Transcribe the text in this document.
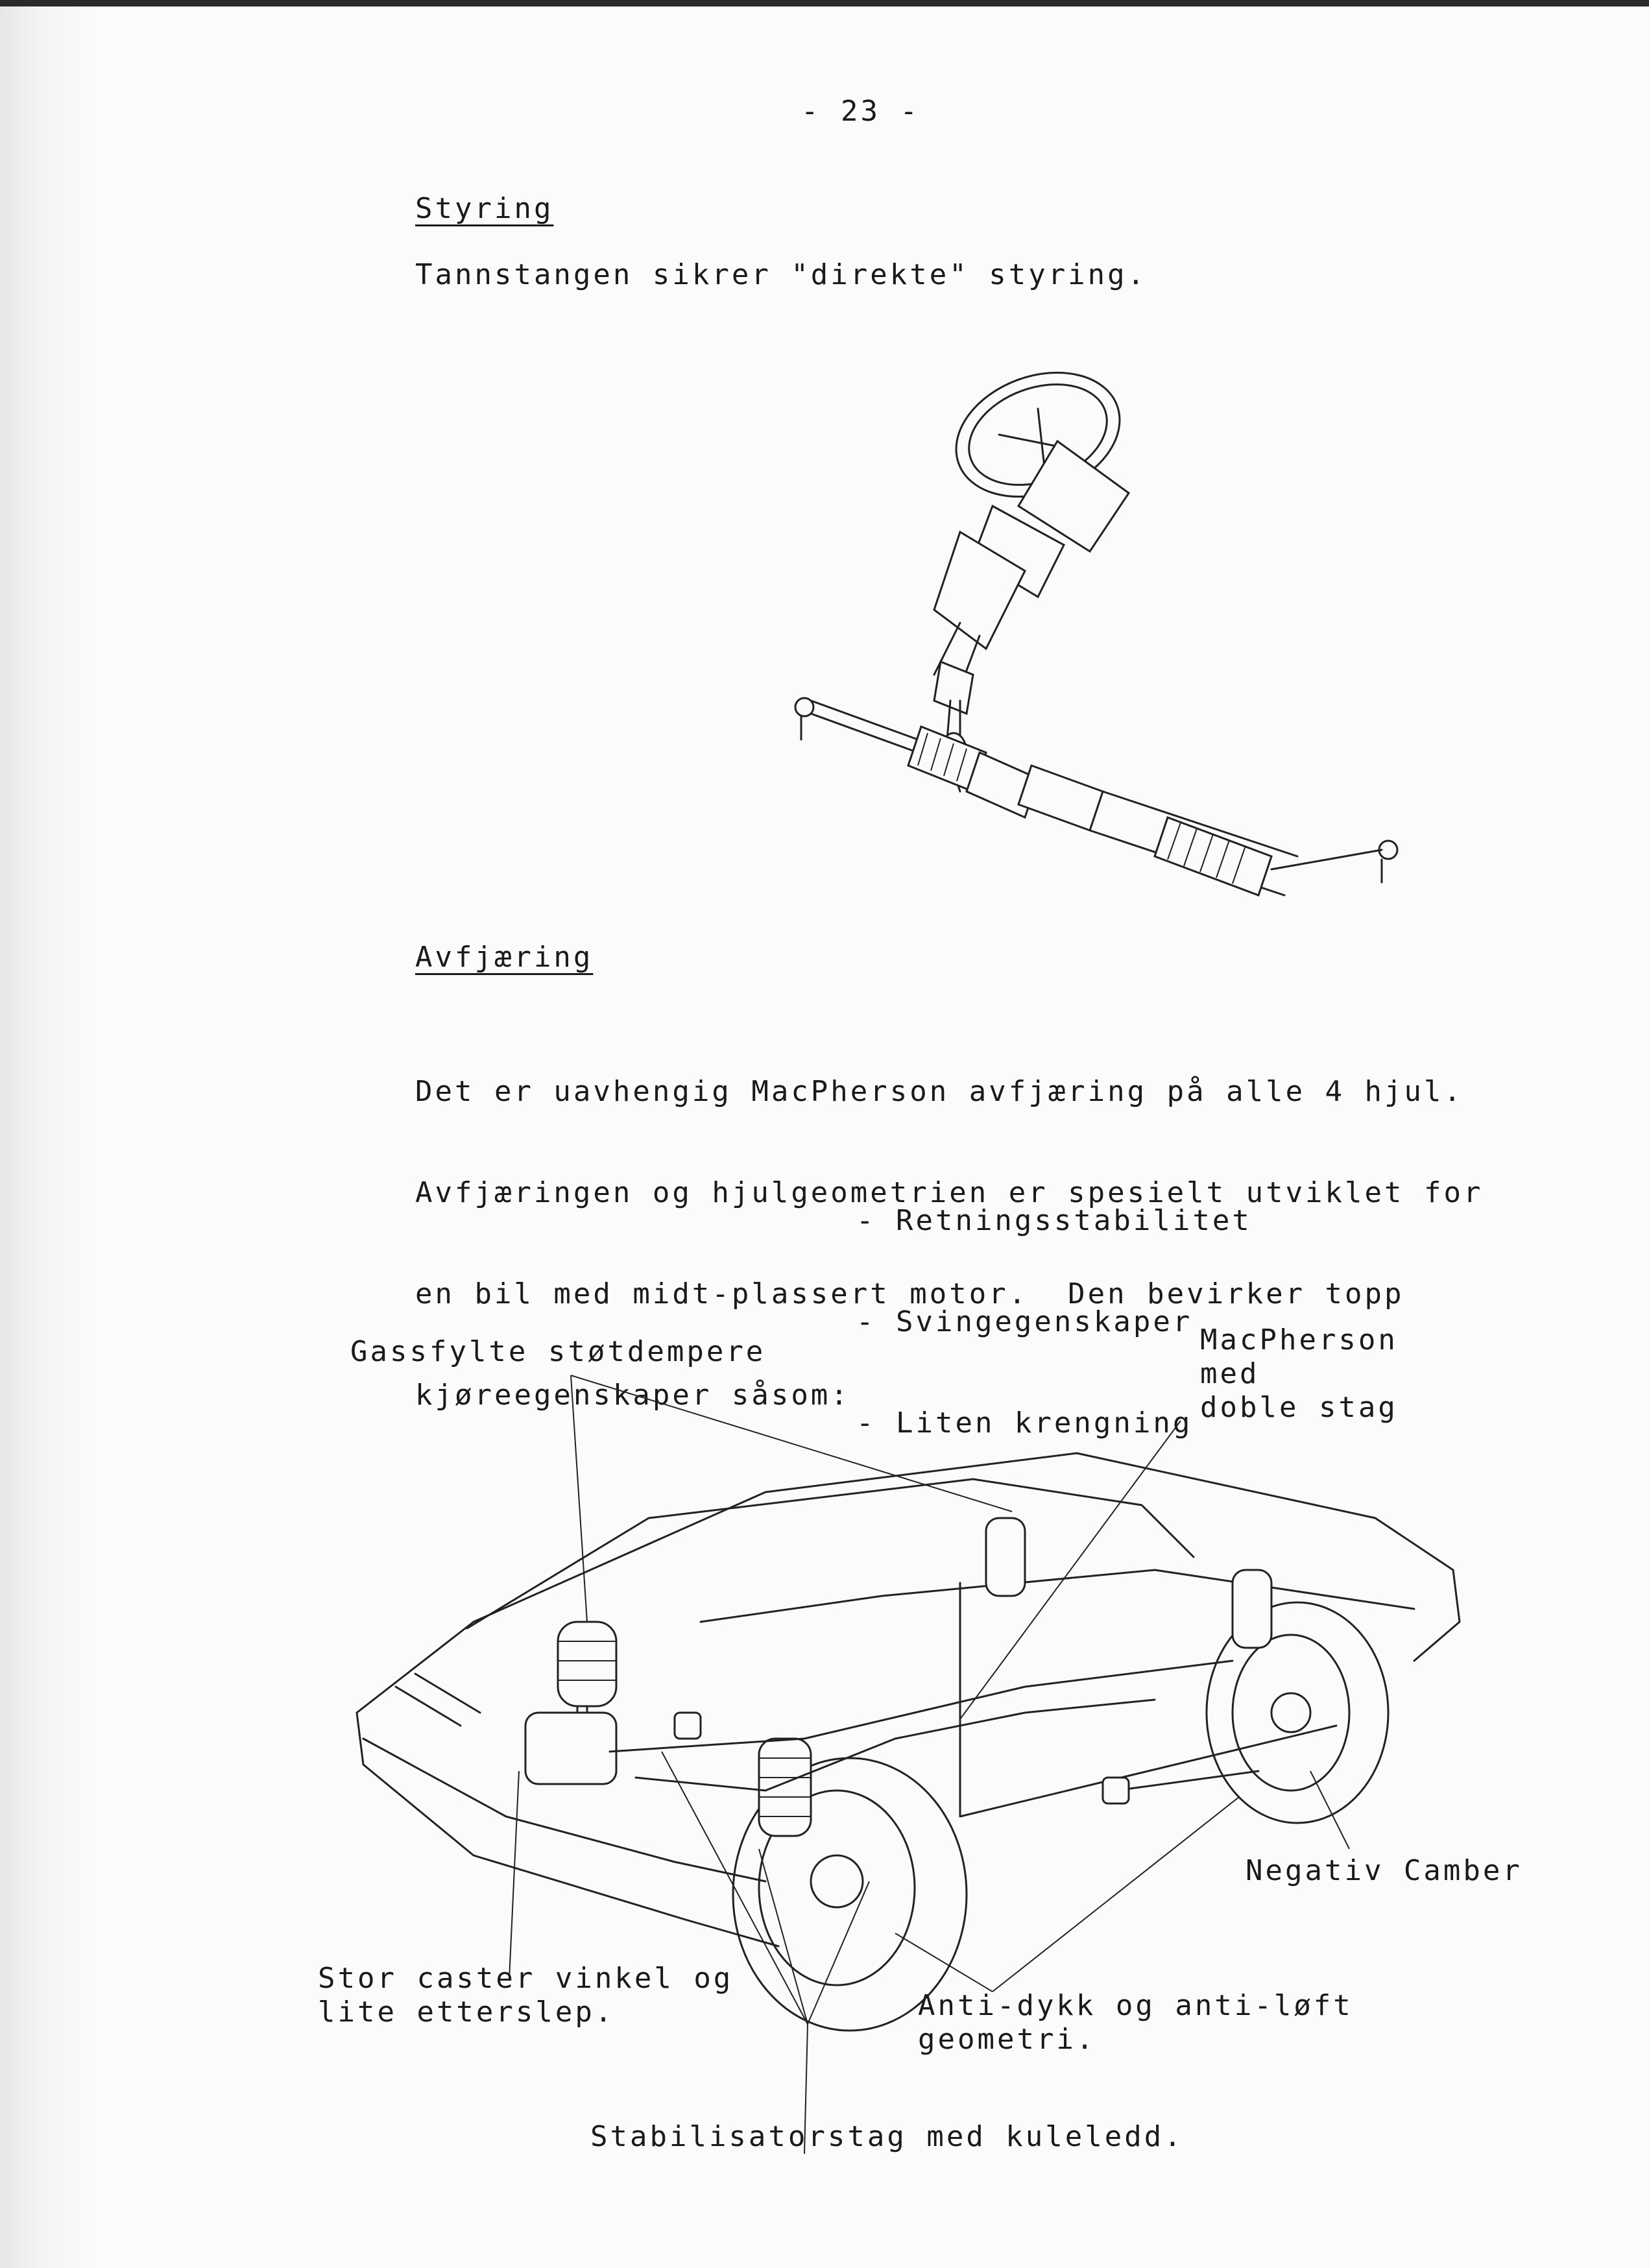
- 23 -
Styring
Tannstangen sikrer "direkte" styring.
Avfjæring

Det er uavhengig MacPherson avfjæring på alle 4 hjul.

Avfjæringen og hjulgeometrien er spesielt utviklet for

en bil med midt-plassert motor.  Den bevirker topp

kjøreegenskaper såsom:

- Retningsstabilitet

- Svingegenskaper

- Liten krengning

Gassfylte støtdempere	MacPherson
med
doble stag
Negativ Camber
Stor caster vinkel og
lite etterslep.	Anti-dykk og anti-løft
geometri.
Stabilisatorstag med kuleledd.
